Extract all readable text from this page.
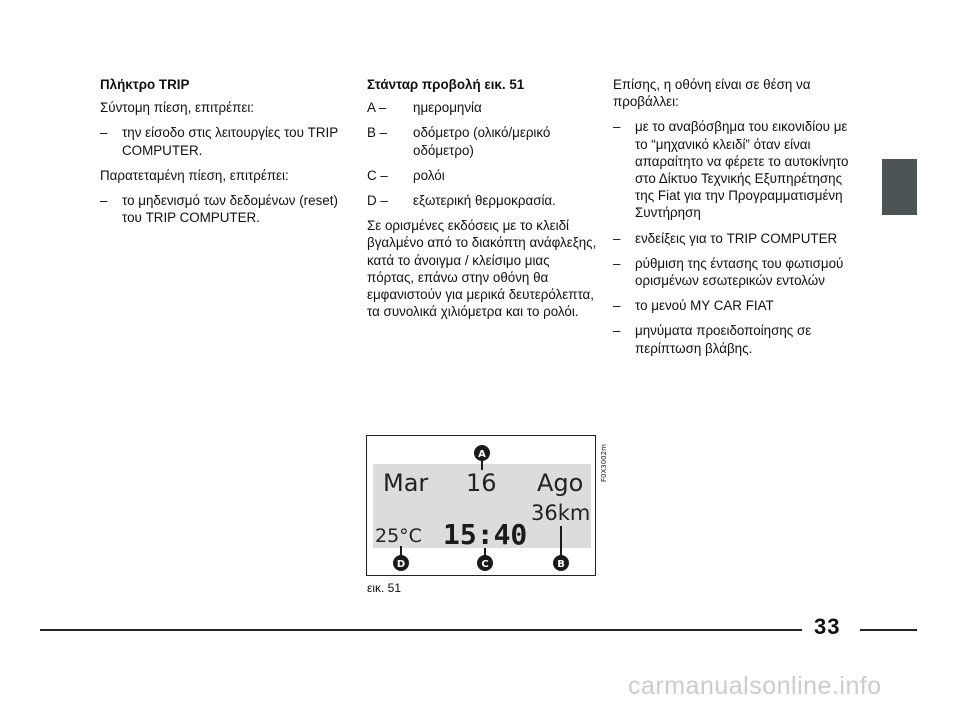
Πλήκτρο TRIP

Σύντομη πίεση, επιτρέπει:

– την είσοδο στις λειτουργίες του TRIP COMPUTER.

Παρατεταμένη πίεση, επιτρέπει:

– το μηδενισμό των δεδομένων (reset) του TRIP COMPUTER.

Στάνταρ προβολή εικ. 51

A – ημερομηνία
B – οδόμετρο (ολικό/μερικό οδόμετρο)
C – ρολόι
D – εξωτερική θερμοκρασία.

Σε ορισμένες εκδόσεις με το κλειδί βγαλμένο από το διακόπτη ανάφλεξης, κατά το άνοιγμα / κλείσιμο μιας πόρτας, επάνω στην οθόνη θα εμφανιστούν για μερικά δευτερόλεπτα, τα συνολικά χιλιόμετρα και το ρολόι.

Επίσης, η οθόνη είναι σε θέση να προβάλλει:

– με το αναβόσβημα του εικονιδίου με το “μηχανικό κλειδί” όταν είναι απαραίτητο να φέρετε το αυτοκίνητο στο Δίκτυο Τεχνικής Εξυπηρέτησης της Fiat για την Προγραμματισμένη Συντήρηση
– ενδείξεις για το TRIP COMPUTER
– ρύθμιση της έντασης του φωτισμού ορισμένων εσωτερικών εντολών
– το μενού MY CAR FIAT
– μηνύματα προειδοποίησης σε περίπτωση βλάβης.
Mar 16 Ago
36km
25°C 15:40
A
D	C	B
F0X3002m
εικ. 51
33
carmanualsonline.info
